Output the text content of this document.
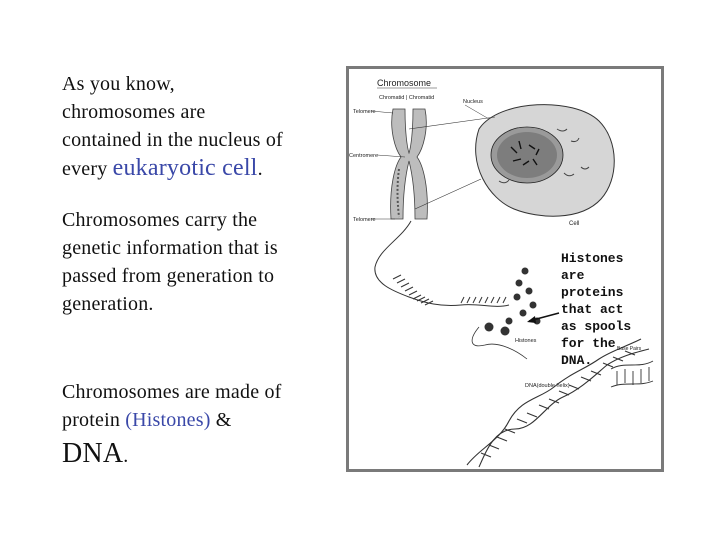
As you know,
chromosomes are
contained in the nucleus of
every eukaryotic cell.
Chromosomes carry the
genetic information that is
passed from generation to
generation.
Chromosomes are made of
protein (Histones) &
DNA.
Chromosome
Chromatid | Chromatid
Telomere
Centromere
Telomere
Nucleus
Cell
Histones
DNA(double helix)
Base Pairs
Histones
are
proteins
that act
as spools
for the
DNA.
